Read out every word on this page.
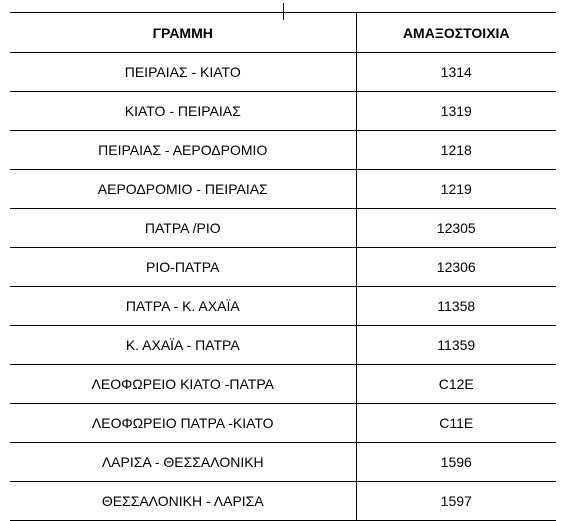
ΓΡΑΜΜΗ	ΑΜΑΞΟΣΤΟΙΧΙΑ
ΠΕΙΡΑΙΑΣ - ΚΙΑΤΟ	1314
ΚΙΑΤΟ - ΠΕΙΡΑΙΑΣ	1319
ΠΕΙΡΑΙΑΣ - ΑΕΡΟΔΡΟΜΙΟ	1218
ΑΕΡΟΔΡΟΜΙΟ - ΠΕΙΡΑΙΑΣ	1219
ΠΑΤΡΑ /ΡΙΟ	12305
ΡΙΟ-ΠΑΤΡΑ	12306
ΠΑΤΡΑ - Κ. ΑΧΑΪΑ	11358
Κ. ΑΧΑΪΑ - ΠΑΤΡΑ	11359
ΛΕΟΦΩΡΕΙΟ ΚΙΑΤΟ -ΠΑΤΡΑ	C12E
ΛΕΟΦΩΡΕΙΟ ΠΑΤΡΑ -ΚΙΑΤΟ	C11E
ΛΑΡΙΣΑ - ΘΕΣΣΑΛΟΝΙΚΗ	1596
ΘΕΣΣΑΛΟΝΙΚΗ - ΛΑΡΙΣΑ	1597
